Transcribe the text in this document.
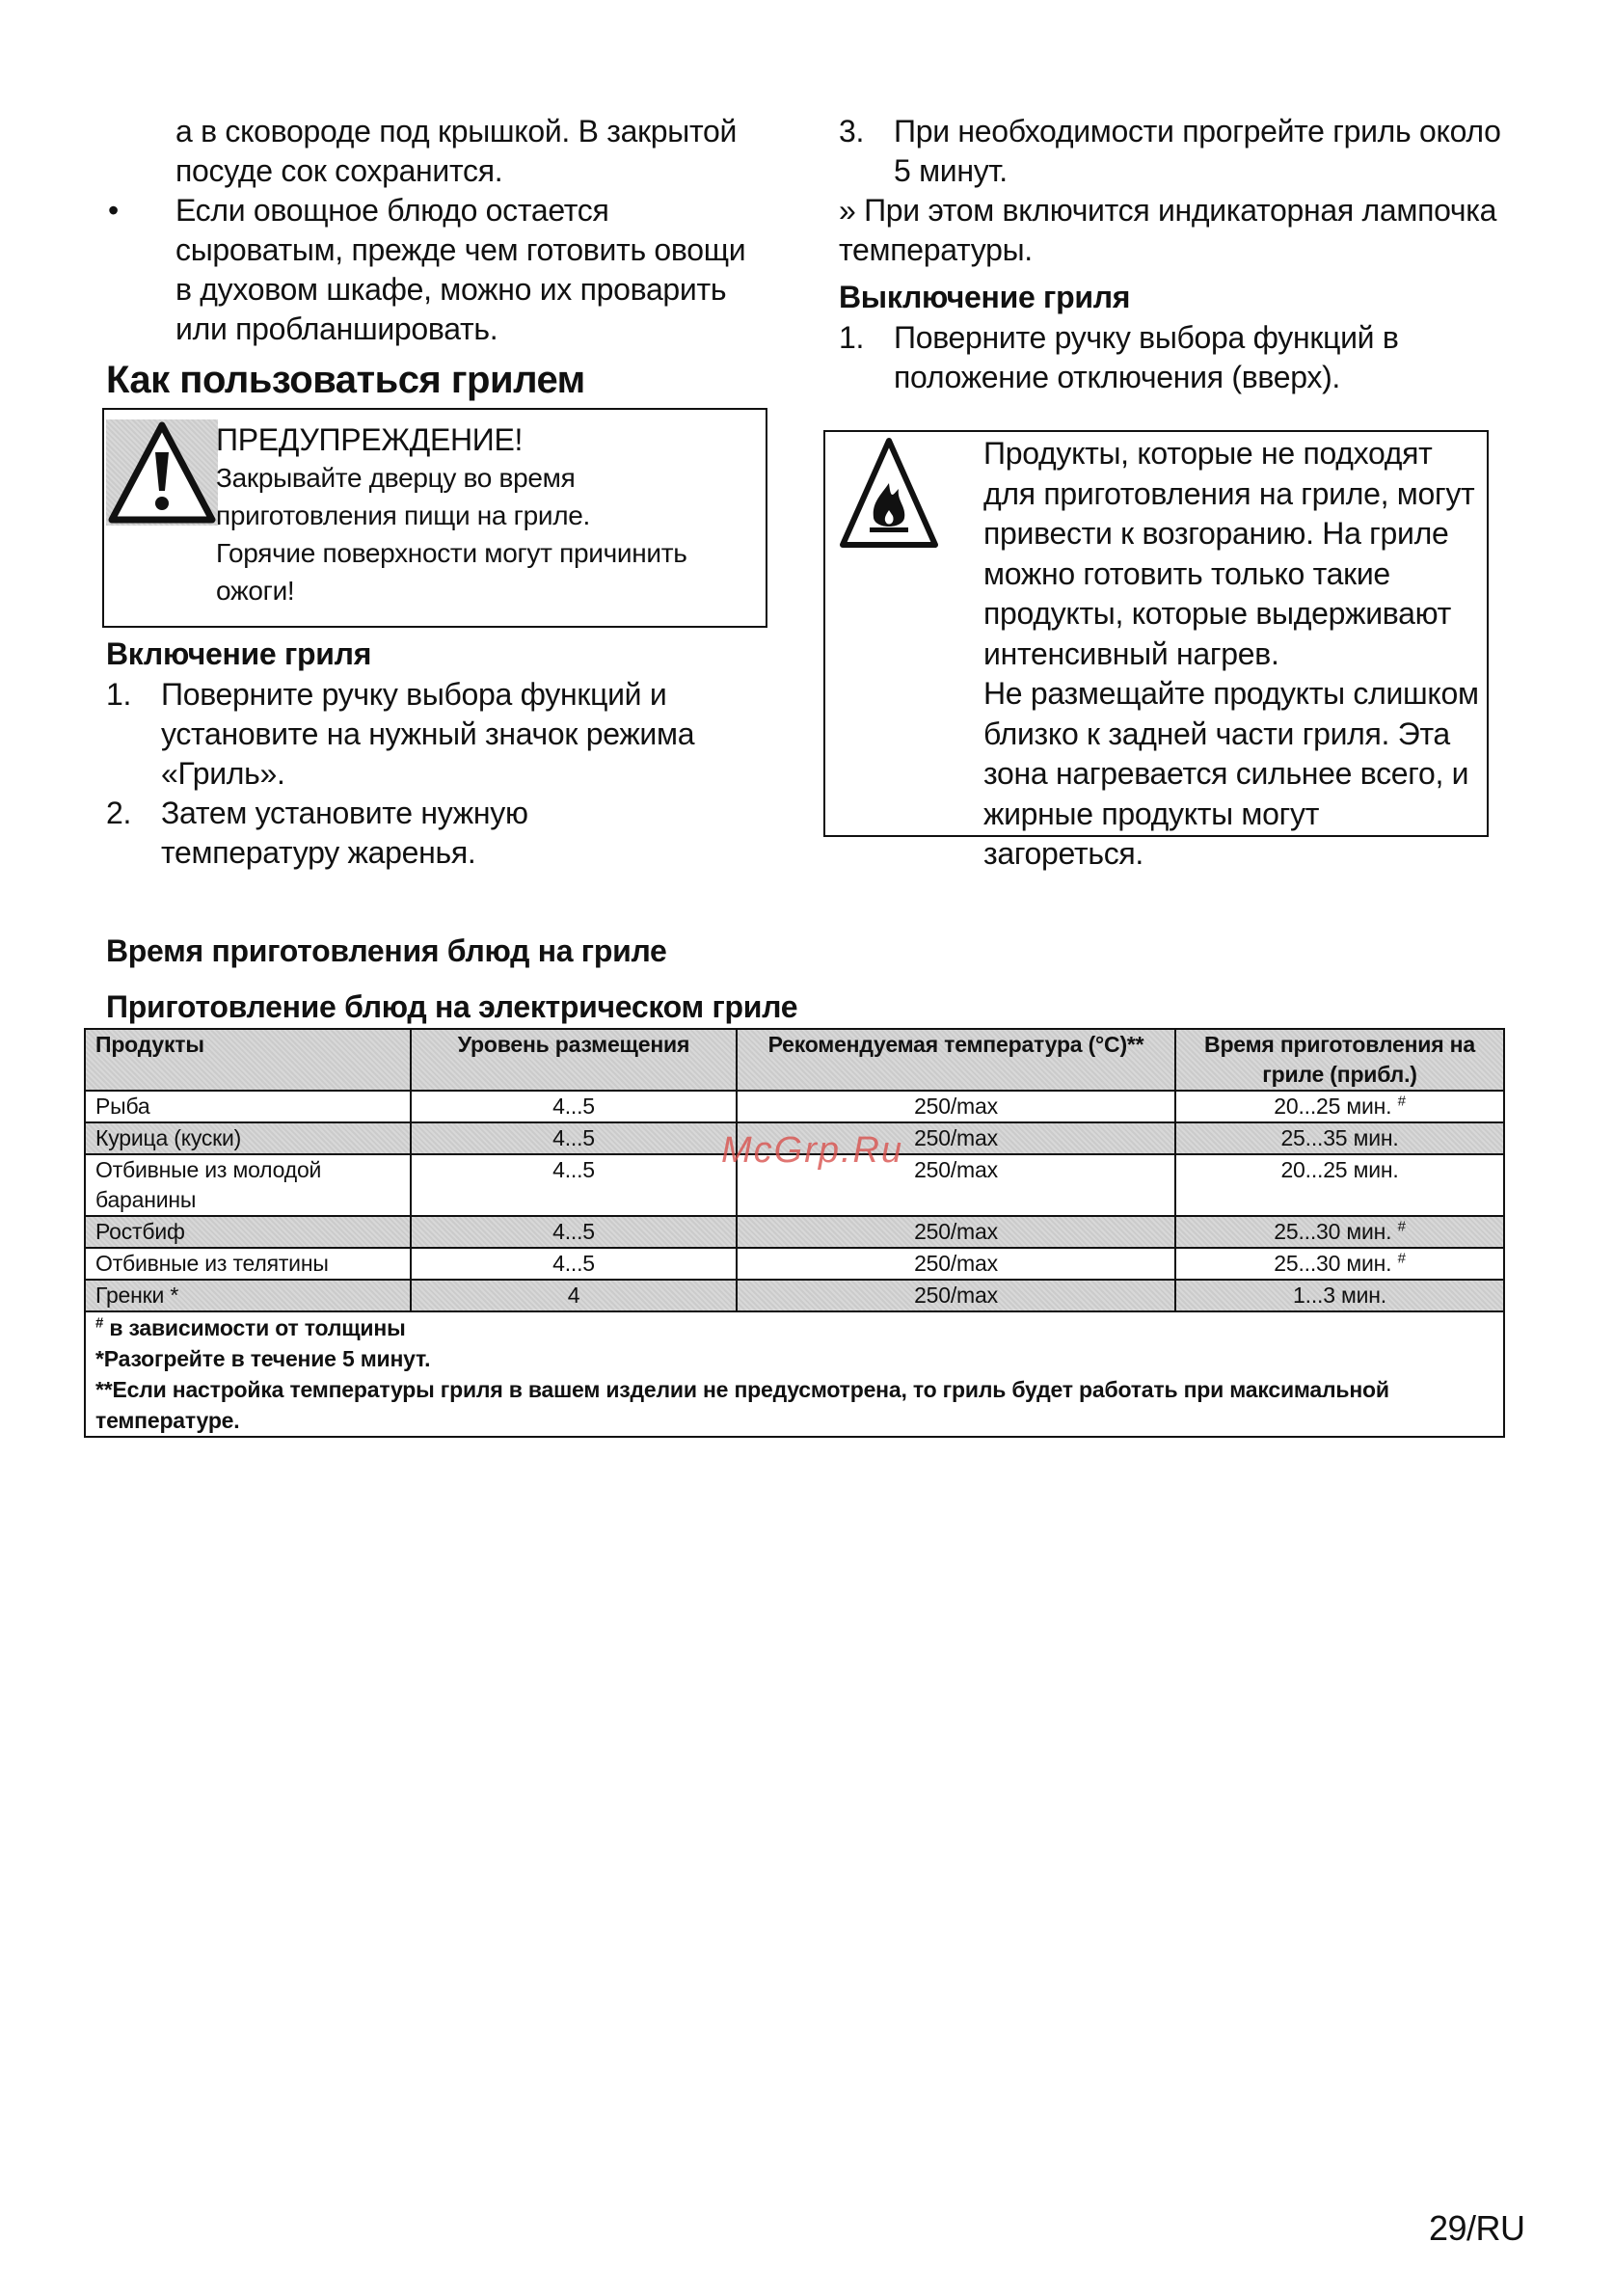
а в сковороде под крышкой. В закрытой посуде сок сохранится.

• Если овощное блюдо остается сыроватым, прежде чем готовить овощи в духовом шкафе, можно их проварить или пробланшировать.
Как пользоваться грилем
ПРЕДУПРЕЖДЕНИЕ!
Закрывайте дверцу во время приготовления пищи на гриле.
Горячие поверхности могут причинить ожоги!
Включение гриля
1. Поверните ручку выбора функций и установите на нужный значок режима «Гриль».
2. Затем установите нужную температуру жаренья.
3. При необходимости прогрейте гриль около 5 минут.

» При этом включится индикаторная лампочка температуры.

Выключение гриля
1. Поверните ручку выбора функций в положение отключения (вверх).
Продукты, которые не подходят для приготовления на гриле, могут привести к возгоранию. На гриле можно готовить только такие продукты, которые выдерживают интенсивный нагрев.
Не размещайте продукты слишком близко к задней части гриля. Эта зона нагревается сильнее всего, и жирные продукты могут загореться.
Время приготовления блюд на гриле
Приготовление блюд на электрическом гриле
Продукты	Уровень размещения	Рекомендуемая температура (°C)**	Время приготовления на гриле (прибл.)
Рыба	4...5	250/max	20...25 мин. #
Курица (куски)	4...5	250/max	25...35 мин.
Отбивные из молодой баранины	4...5	250/max	20...25 мин.
Ростбиф	4...5	250/max	25...30 мин. #
Отбивные из телятины	4...5	250/max	25...30 мин. #
Гренки *	4	250/max	1...3 мин.

# в зависимости от толщины
*Разогрейте в течение 5 минут.
**Если настройка температуры гриля в вашем изделии не предусмотрена, то гриль будет работать при максимальной температуре.			
McGrp.Ru
29/RU
